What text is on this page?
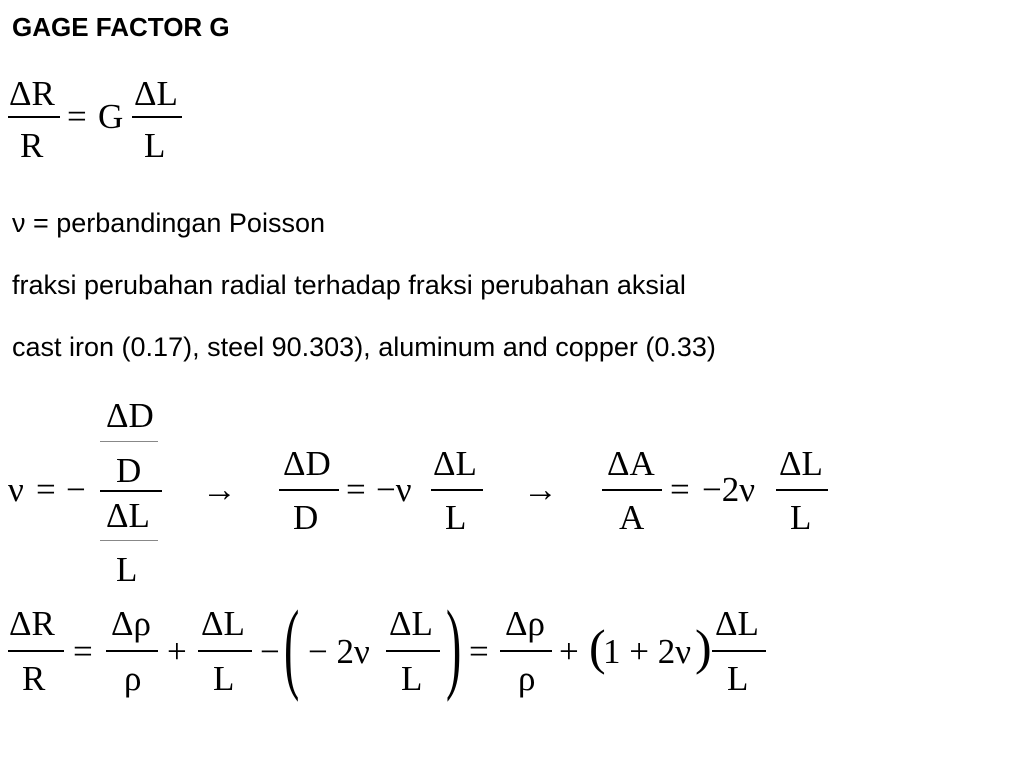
GAGE FACTOR G
ΔR
R
= G
ΔL
L
ν = perbandingan Poisson
fraksi perubahan radial terhadap fraksi perubahan aksial
cast iron (0.17), steel 90.303), aluminum and copper (0.33)
ν = −
ΔD
D
ΔL
L
→
ΔD
D
= −ν
ΔL
L
→
ΔA
A
= −2ν
ΔL
L
ΔR
R
=
Δρ
ρ
+
ΔL
L
− ( − 2ν
ΔL
L ) =
Δρ
ρ
+ (
1 + 2ν ) ΔL
L
